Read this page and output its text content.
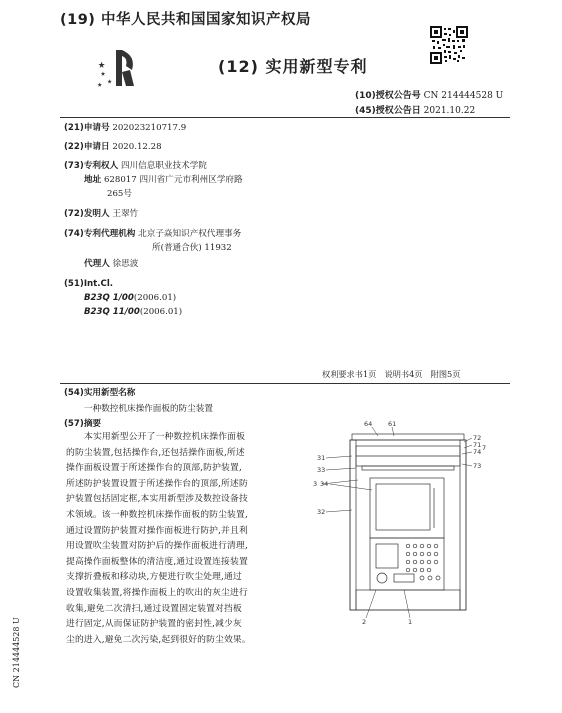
(19) 中华人民共和国国家知识产权局
(12) 实用新型专利
(10)授权公告号 CN 214444528 U
(45)授权公告日 2021.10.22
(21)申请号 202023210717.9
(22)申请日 2020.12.28
(73)专利权人 四川信息职业技术学院
地址 628017 四川省广元市利州区学府路
265号
(72)发明人 王翠竹
(74)专利代理机构 北京子焱知识产权代理事务
所(普通合伙) 11932
代理人 徐思波
(51)Int.Cl.
B23Q 1/00(2006.01)
B23Q 11/00(2006.01)
权利要求书1页　说明书4页　附图5页
(54)实用新型名称
一种数控机床操作面板的防尘装置
(57)摘要
本实用新型公开了一种数控机床操作面板
的防尘装置,包括操作台,还包括操作面板,所述
操作面板设置于所述操作台的顶部,防护装置,
所述防护装置设置于所述操作台的顶部,所述防
护装置包括固定框,本实用新型涉及数控设备技
术领域。该一种数控机床操作面板的防尘装置,
通过设置防护装置对操作面板进行防护,并且利
用设置吹尘装置对防护后的操作面板进行清理,
提高操作面板整体的清洁度,通过设置连接装置
支撑折叠板和移动块,方便进行吹尘处理,通过
设置收集装置,将操作面板上的吹出的灰尘进行
收集,避免二次清扫,通过设置固定装置对挡板
进行固定,从而保证防护装置的密封性,减少灰
尘的进入,避免二次污染,起到很好的防尘效果。
64 61
72
71
74 7
73
31
33
3 34
32
2	1
CN 214444528 U
